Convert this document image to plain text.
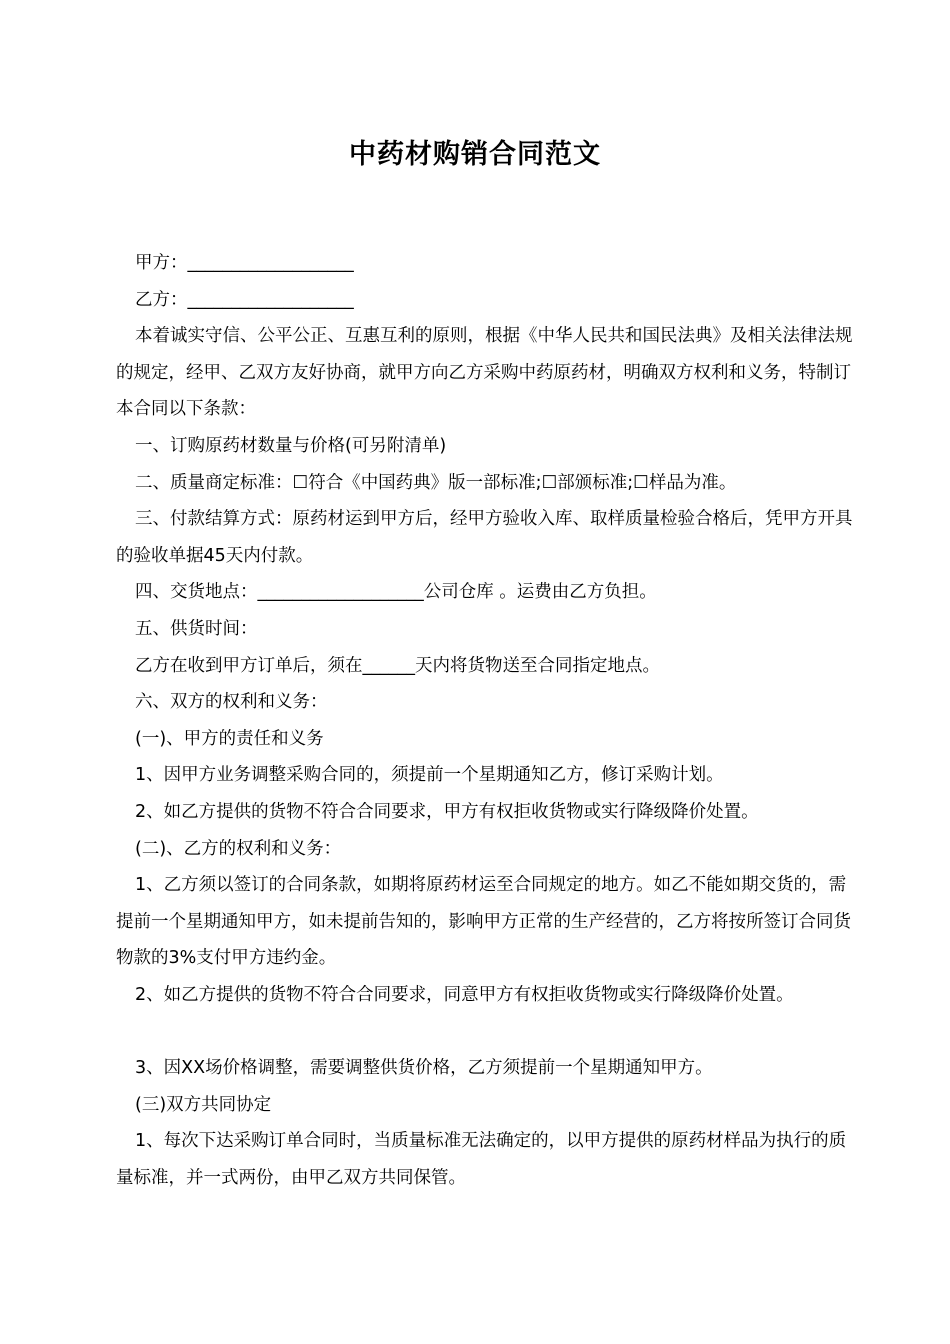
中药材购销合同范文

甲方：___________________

乙方：___________________

本着诚实守信、公平公正、互惠互利的原则，根据《中华人民共和国民法典》及相关法律法规的规定，经甲、乙双方友好协商，就甲方向乙方采购中药原药材，明确双方权利和义务，特制订本合同以下条款：

一、订购原药材数量与价格(可另附清单)

二、质量商定标准：☐符合《中国药典》版一部标准;☐部颁标准;☐样品为准。

三、付款结算方式：原药材运到甲方后，经甲方验收入库、取样质量检验合格后，凭甲方开具的验收单据45天内付款。

四、交货地点：___________________公司仓库 。运费由乙方负担。

五、供货时间：

乙方在收到甲方订单后，须在______天内将货物送至合同指定地点。

六、双方的权利和义务：

(一)、甲方的责任和义务

1、因甲方业务调整采购合同的，须提前一个星期通知乙方，修订采购计划。

2、如乙方提供的货物不符合合同要求，甲方有权拒收货物或实行降级降价处置。

(二)、乙方的权利和义务：

1、乙方须以签订的合同条款，如期将原药材运至合同规定的地方。如乙不能如期交货的，需提前一个星期通知甲方，如未提前告知的，影响甲方正常的生产经营的，乙方将按所签订合同货物款的3%支付甲方违约金。

2、如乙方提供的货物不符合合同要求，同意甲方有权拒收货物或实行降级降价处置。

3、因XX场价格调整，需要调整供货价格，乙方须提前一个星期通知甲方。

(三)双方共同协定

1、每次下达采购订单合同时，当质量标准无法确定的，以甲方提供的原药材样品为执行的质量标准，并一式两份，由甲乙双方共同保管。
